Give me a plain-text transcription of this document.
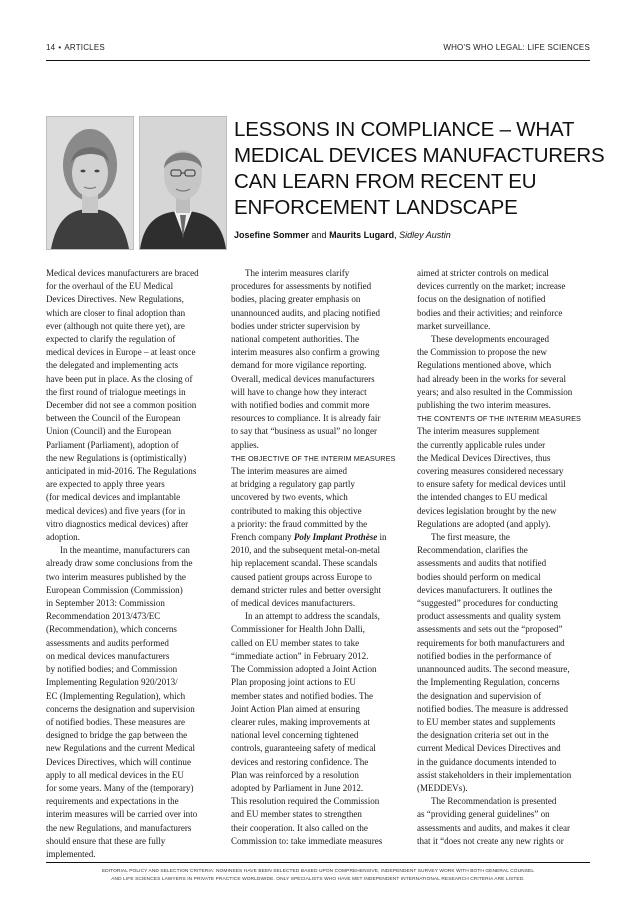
14 • ARTICLES	WHO'S WHO LEGAL: LIFE SCIENCES
LESSONS IN COMPLIANCE – WHAT
MEDICAL DEVICES MANUFACTURERS
CAN LEARN FROM RECENT EU
ENFORCEMENT LANDSCAPE
Josefine Sommer and Maurits Lugard, Sidley Austin

Medical devices manufacturers are braced

for the overhaul of the EU Medical

Devices Directives. New Regulations,

which are closer to final adoption than

ever (although not quite there yet), are

expected to clarify the regulation of

medical devices in Europe – at least once

the delegated and implementing acts

have been put in place. As the closing of

the first round of trialogue meetings in

December did not see a common position

between the Council of the European

Union (Council) and the European

Parliament (Parliament), adoption of

the new Regulations is (optimistically)

anticipated in mid-2016. The Regulations

are expected to apply three years

(for medical devices and implantable

medical devices) and five years (for in

vitro diagnostics medical devices) after

adoption.

In the meantime, manufacturers can

already draw some conclusions from the

two interim measures published by the

European Commission (Commission)

in September 2013: Commission

Recommendation 2013/473/EC

(Recommendation), which concerns

assessments and audits performed

on medical devices manufacturers

by notified bodies; and Commission

Implementing Regulation 920/2013/

EC (Implementing Regulation), which

concerns the designation and supervision

of notified bodies. These measures are

designed to bridge the gap between the

new Regulations and the current Medical

Devices Directives, which will continue

apply to all medical devices in the EU

for some years. Many of the (temporary)

requirements and expectations in the

interim measures will be carried over into

the new Regulations, and manufacturers

should ensure that these are fully

implemented.

The interim measures clarify

procedures for assessments by notified

bodies, placing greater emphasis on

unannounced audits, and placing notified

bodies under stricter supervision by

national competent authorities. The

interim measures also confirm a growing

demand for more vigilance reporting.

Overall, medical devices manufacturers

will have to change how they interact

with notified bodies and commit more

resources to compliance. It is already fair

to say that “business as usual” no longer

applies.

THE OBJECTIVE OF THE INTERIM MEASURES

The interim measures are aimed

at bridging a regulatory gap partly

uncovered by two events, which

contributed to making this objective

a priority: the fraud committed by the

French company Poly Implant Prothèse in

2010, and the subsequent metal-on-metal

hip replacement scandal. These scandals

caused patient groups across Europe to

demand stricter rules and better oversight

of medical devices manufacturers.

In an attempt to address the scandals,

Commissioner for Health John Dalli,

called on EU member states to take

“immediate action” in February 2012.

The Commission adopted a Joint Action

Plan proposing joint actions to EU

member states and notified bodies. The

Joint Action Plan aimed at ensuring

clearer rules, making improvements at

national level concerning tightened

controls, guaranteeing safety of medical

devices and restoring confidence. The

Plan was reinforced by a resolution

adopted by Parliament in June 2012.

This resolution required the Commission

and EU member states to strengthen

their cooperation. It also called on the

Commission to: take immediate measures

aimed at stricter controls on medical

devices currently on the market; increase

focus on the designation of notified

bodies and their activities; and reinforce

market surveillance.

These developments encouraged

the Commission to propose the new

Regulations mentioned above, which

had already been in the works for several

years; and also resulted in the Commission

publishing the two interim measures.

THE CONTENTS OF THE INTERIM MEASURES

The interim measures supplement

the currently applicable rules under

the Medical Devices Directives, thus

covering measures considered necessary

to ensure safety for medical devices until

the intended changes to EU medical

devices legislation brought by the new

Regulations are adopted (and apply).

The first measure, the

Recommendation, clarifies the

assessments and audits that notified

bodies should perform on medical

devices manufacturers. It outlines the

“suggested” procedures for conducting

product assessments and quality system

assessments and sets out the “proposed”

requirements for both manufacturers and

notified bodies in the performance of

unannounced audits. The second measure,

the Implementing Regulation, concerns

the designation and supervision of

notified bodies. The measure is addressed

to EU member states and supplements

the designation criteria set out in the

current Medical Devices Directives and

in the guidance documents intended to

assist stakeholders in their implementation

(MEDDEVs).

The Recommendation is presented

as “providing general guidelines” on

assessments and audits, and makes it clear

that it “does not create any new rights or

EDITORIAL POLICY AND SELECTION CRITERIA: NOMINEES HAVE BEEN SELECTED BASED UPON COMPREHENSIVE, INDEPENDENT SURVEY WORK WITH BOTH GENERAL COUNSEL
AND LIFE SCIENCES LAWYERS IN PRIVATE PRACTICE WORLDWIDE. ONLY SPECIALISTS WHO HAVE MET INDEPENDENT INTERNATIONAL RESEARCH CRITERIA ARE LISTED.
